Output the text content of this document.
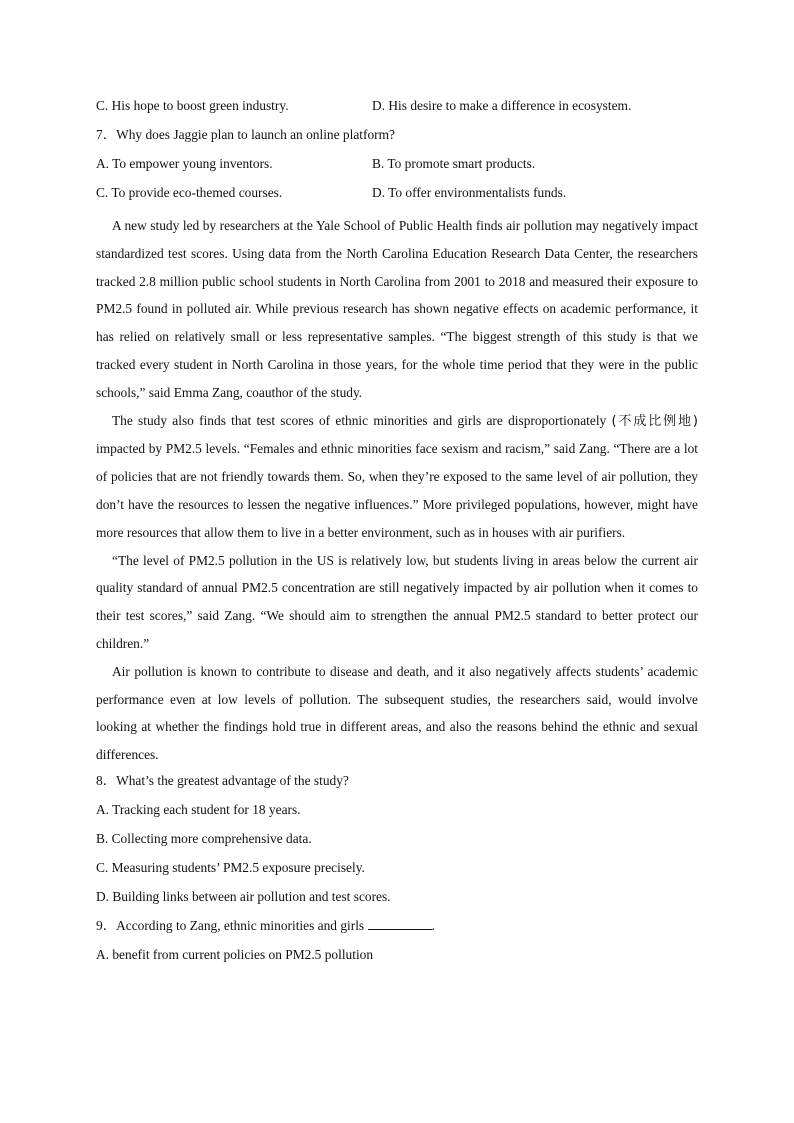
C. His hope to boost green industry.	D. His desire to make a difference in ecosystem.
7．Why does Jaggie plan to launch an online platform?
A. To empower young inventors.	B. To promote smart products.
C. To provide eco-themed courses.	D. To offer environmentalists funds.

A new study led by researchers at the Yale School of Public Health finds air pollution may negatively impact standardized test scores. Using data from the North Carolina Education Research Data Center, the researchers tracked 2.8 million public school students in North Carolina from 2001 to 2018 and measured their exposure to PM2.5 found in polluted air. While previous research has shown negative effects on academic performance, it has relied on relatively small or less representative samples. “The biggest strength of this study is that we tracked every student in North Carolina in those years, for the whole time period that they were in the public schools,” said Emma Zang, coauthor of the study.

The study also finds that test scores of ethnic minorities and girls are disproportionately (不成比例地) impacted by PM2.5 levels. “Females and ethnic minorities face sexism and racism,” said Zang. “There are a lot of policies that are not friendly towards them. So, when they’re exposed to the same level of air pollution, they don’t have the resources to lessen the negative influences.” More privileged populations, however, might have more resources that allow them to live in a better environment, such as in houses with air purifiers.

“The level of PM2.5 pollution in the US is relatively low, but students living in areas below the current air quality standard of annual PM2.5 concentration are still negatively impacted by air pollution when it comes to their test scores,” said Zang. “We should aim to strengthen the annual PM2.5 standard to better protect our children.”

Air pollution is known to contribute to disease and death, and it also negatively affects students’ academic performance even at low levels of pollution. The subsequent studies, the researchers said, would involve looking at whether the findings hold true in different areas, and also the reasons behind the ethnic and sexual differences.

8．What’s the greatest advantage of the study?
A. Tracking each student for 18 years.
B. Collecting more comprehensive data.
C. Measuring students’ PM2.5 exposure precisely.
D. Building links between air pollution and test scores.
9．According to Zang, ethnic minorities and girls	.
A. benefit from current policies on PM2.5 pollution
